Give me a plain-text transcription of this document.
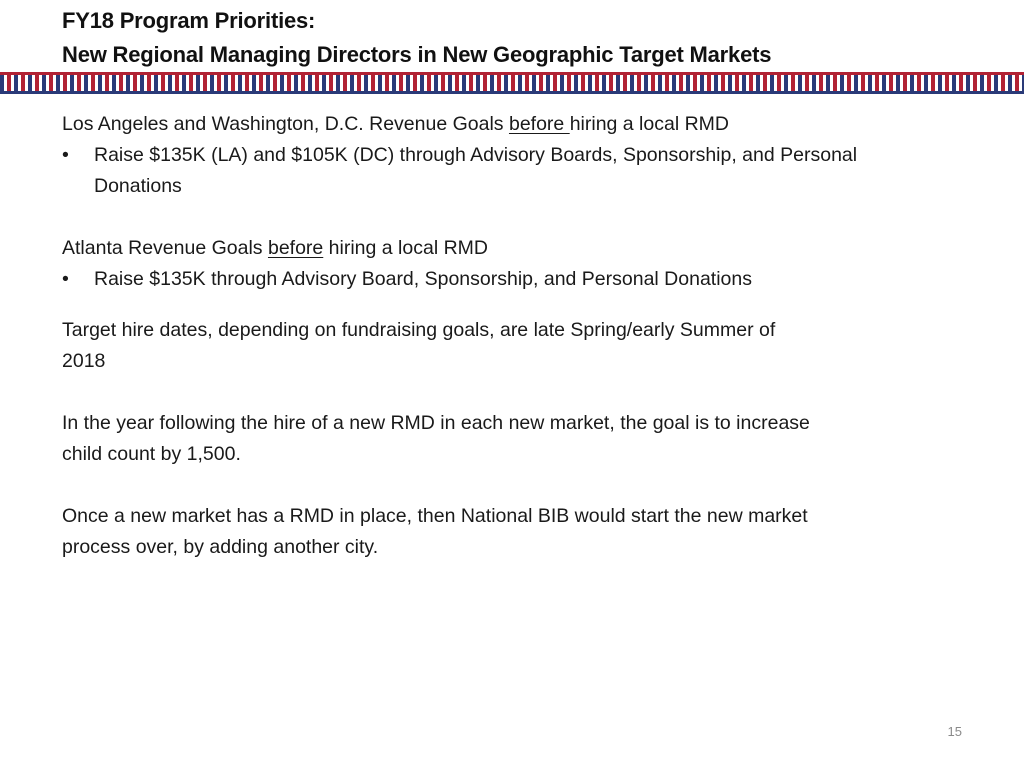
FY18 Program Priorities:
New Regional Managing Directors in New Geographic Target Markets

Los Angeles and Washington, D.C. Revenue Goals before hiring a local RMD

• Raise $135K (LA) and $105K (DC) through Advisory Boards, Sponsorship, and Personal Donations

Atlanta Revenue Goals before hiring a local RMD

• Raise $135K through Advisory Board, Sponsorship, and Personal Donations

Target hire dates, depending on fundraising goals, are late Spring/early Summer of 2018

In the year following the hire of a new RMD in each new market, the goal is to increase child count by 1,500.

Once a new market has a RMD in place, then National BIB would start the new market process over, by adding another city.

15
